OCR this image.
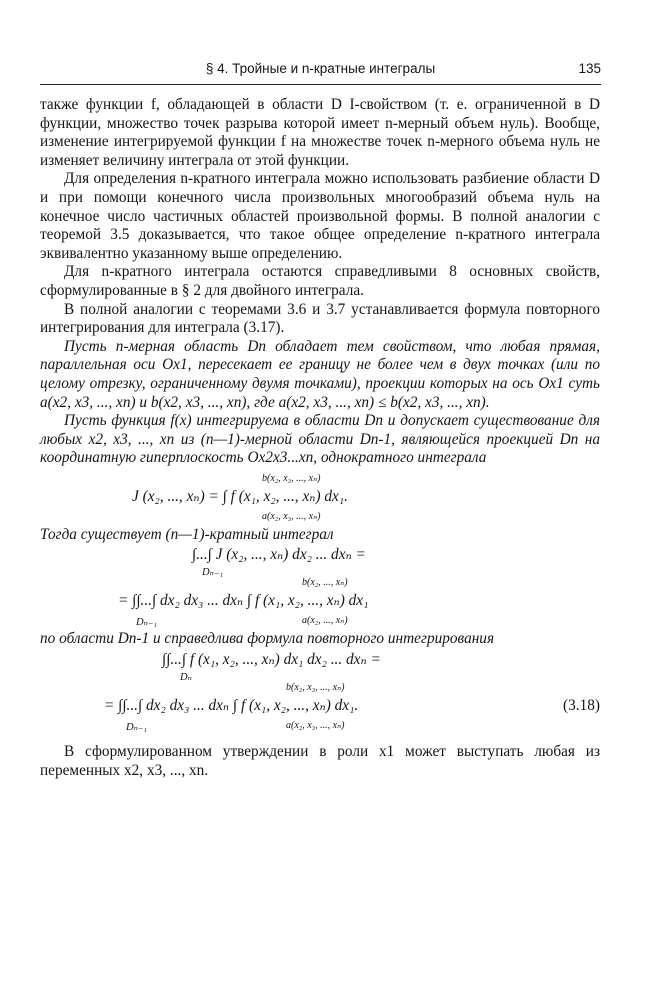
§ 4. Тройные и n-кратные интегралы	135

также функции f, обладающей в области D I-свойством (т. е. ограниченной в D функции, множество точек разрыва которой имеет n-мерный объем нуль). Вообще, изменение интегрируемой функции f на множестве точек n-мерного объема нуль не изменяет величину интеграла от этой функции.

Для определения n-кратного интеграла можно использовать разбиение области D и при помощи конечного числа произвольных многообразий объема нуль на конечное число частичных областей произвольной формы. В полной аналогии с теоремой 3.5 доказывается, что такое общее определение n-кратного интеграла эквивалентно указанному выше определению.

Для n-кратного интеграла остаются справедливыми 8 основных свойств, сформулированные в § 2 для двойного интеграла.

В полной аналогии с теоремами 3.6 и 3.7 устанавливается формула повторного интегрирования для интеграла (3.17).

Пусть n-мерная область Dn обладает тем свойством, что любая прямая, параллельная оси Ox1, пересекает ее границу не более чем в двух точках (или по целому отрезку, ограниченному двумя точками), проекции которых на ось Ox1 суть a(x2, x3, ..., xn) и b(x2, x3, ..., xn), где a(x2, x3, ..., xn) ≤ b(x2, x3, ..., xn).

Пусть функция f(x) интегрируема в области Dn и допускает существование для любых x2, x3, ..., xn из (n—1)-мерной области Dn-1, являющейся проекцией Dn на координатную гиперплоскость Ox2x3...xn, однократного интеграла

b(x₂, x₃, ..., xₙ)
J (x₂, ..., xₙ) = ∫ f (x₁, x₂, ..., xₙ) dx₁.
a(x₂, x₃, ..., xₙ)

Тогда существует (n—1)-кратный интеграл

∫...∫ J (x₂, ..., xₙ) dx₂ ... dxₙ =
Dₙ₋₁
b(x₂, ..., xₙ)
= ∫∫...∫ dx₂ dx₃ ... dxₙ ∫ f (x₁, x₂, ..., xₙ) dx₁
Dₙ₋₁	a(x₂, ..., xₙ)

по области Dn-1 и справедлива формула повторного интегрирования

∫∫...∫ f (x₁, x₂, ..., xₙ) dx₁ dx₂ ... dxₙ =
Dₙ
b(x₂, x₃, ..., xₙ)
= ∫∫...∫ dx₂ dx₃ ... dxₙ ∫ f (x₁, x₂, ..., xₙ) dx₁.
Dₙ₋₁	a(x₂, x₃, ..., xₙ)
(3.18)

В сформулированном утверждении в роли x1 может выступать любая из переменных x2, x3, ..., xn.
